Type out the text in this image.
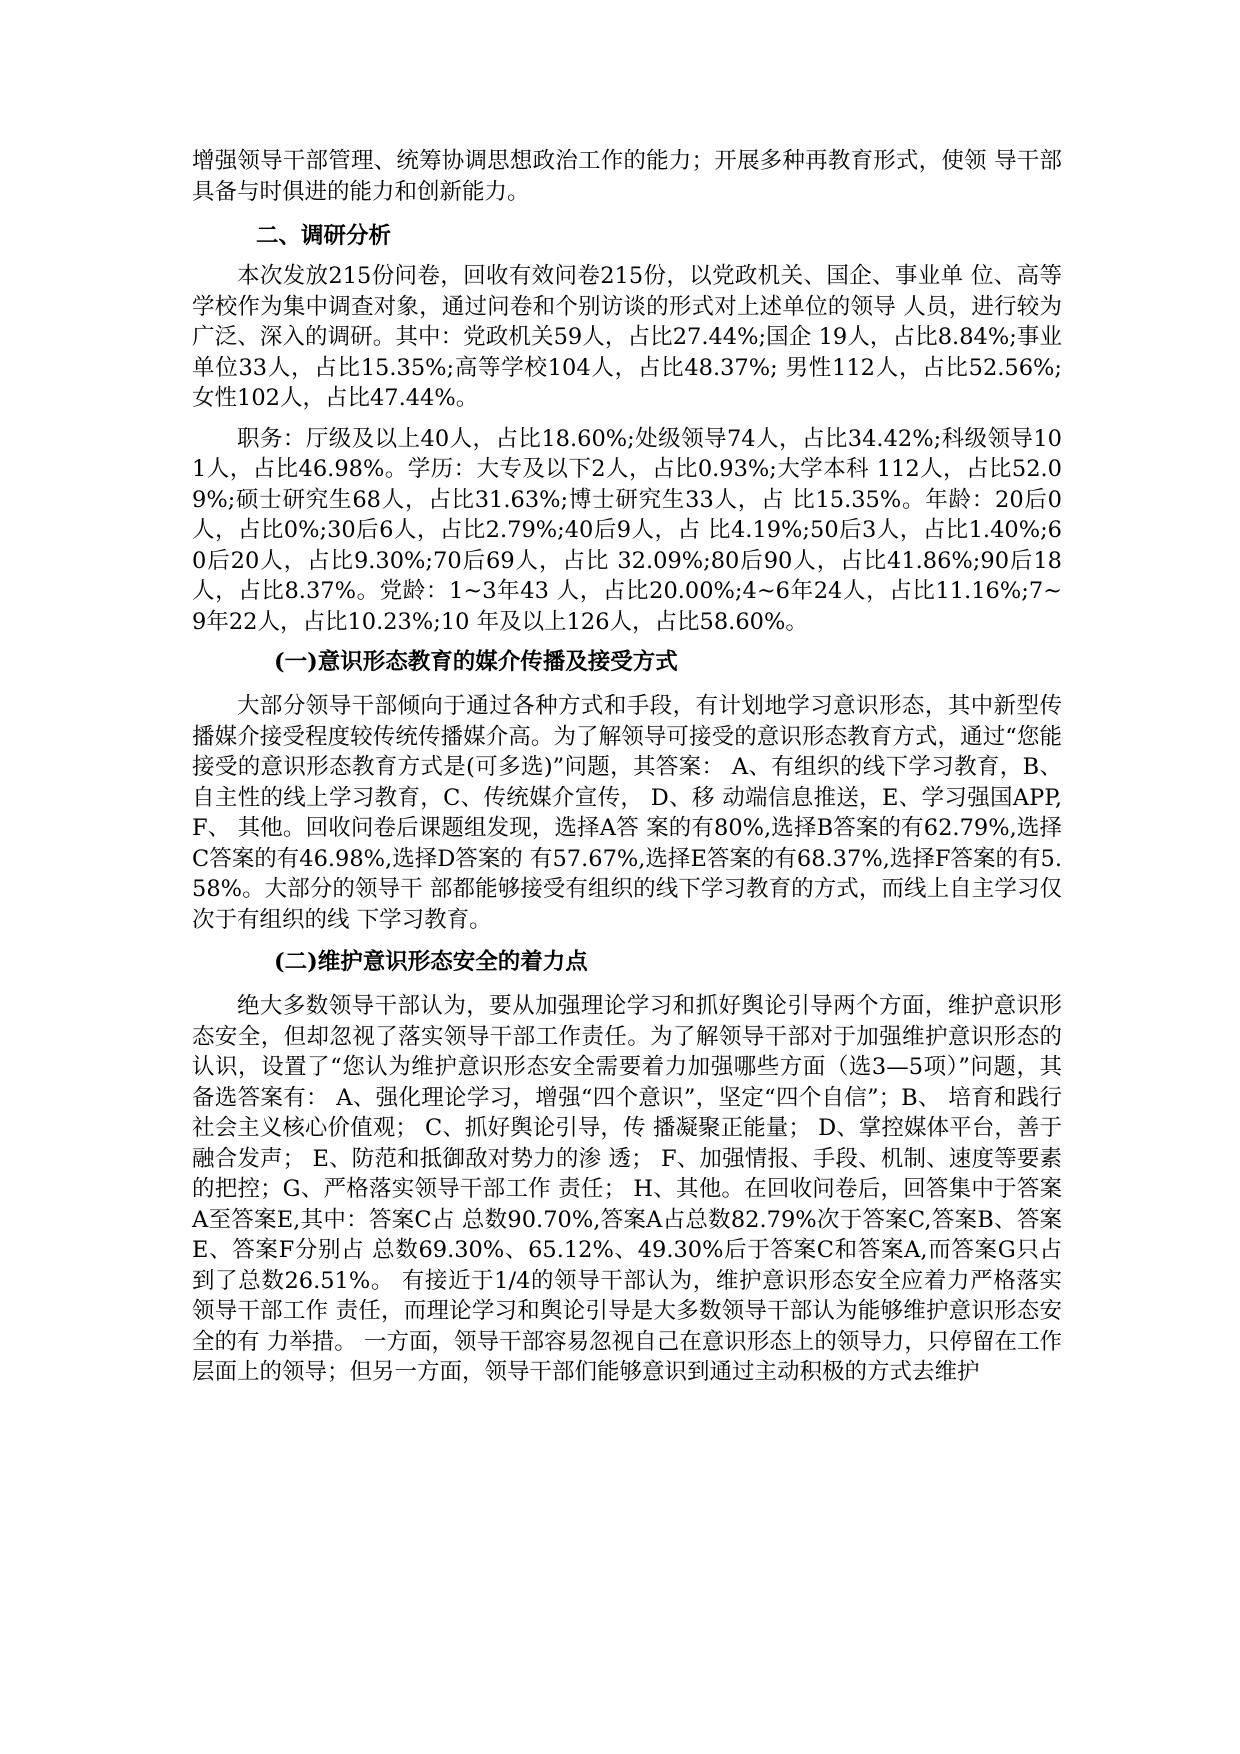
增强领导干部管理、统筹协调思想政治工作的能力；开展多种再教育形式，使领 导干部具备与时俱进的能力和创新能力。

二、调研分析

本次发放215份问卷，回收有效问卷215份，以党政机关、国企、事业单 位、高等学校作为集中调查对象，通过问卷和个别访谈的形式对上述单位的领导 人员，进行较为广泛、深入的调研。其中：党政机关59人，占比27.44%;国企 19人，占比8.84%;事业单位33人，占比15.35%;高等学校104人，占比48.37%; 男性112人，占比52.56%;女性102人，占比47.44%。

职务：厅级及以上40人，占比18.60%;处级领导74人，占比34.42%;科级领导101人，占比46.98%。学历：大专及以下2人，占比0.93%;大学本科 112人，占比52.09%;硕士研究生68人，占比31.63%;博士研究生33人，占 比15.35%。年龄：20后0人，占比0%;30后6人，占比2.79%;40后9人，占 比4.19%;50后3人，占比1.40%;60后20人，占比9.30%;70后69人，占比 32.09%;80后90人，占比41.86%;90后18人，占比8.37%。党龄：1~3年43 人，占比20.00%;4~6年24人，占比11.16%;7~9年22人，占比10.23%;10 年及以上126人，占比58.60%。

(一)意识形态教育的媒介传播及接受方式

大部分领导干部倾向于通过各种方式和手段，有计划地学习意识形态，其中新型传播媒介接受程度较传统传播媒介高。为了解领导可接受的意识形态教育方式，通过“您能接受的意识形态教育方式是(可多选)”问题，其答案： A、有组织的线下学习教育，B、自主性的线上学习教育，C、传统媒介宣传， D、移 动端信息推送，E、学习强国APP,F、 其他。回收问卷后课题组发现，选择A答 案的有80%,选择B答案的有62.79%,选择C答案的有46.98%,选择D答案的 有57.67%,选择E答案的有68.37%,选择F答案的有5.58%。大部分的领导干 部都能够接受有组织的线下学习教育的方式，而线上自主学习仅次于有组织的线 下学习教育。

(二)维护意识形态安全的着力点

绝大多数领导干部认为，要从加强理论学习和抓好舆论引导两个方面，维护意识形态安全，但却忽视了落实领导干部工作责任。为了解领导干部对于加强维护意识形态的认识，设置了“您认为维护意识形态安全需要着力加强哪些方面（选3—5项）”问题，其备选答案有： A、强化理论学习，增强“四个意识”，坚定“四个自信”；B、 培育和践行社会主义核心价值观； C、抓好舆论引导，传 播凝聚正能量； D、掌控媒体平台，善于融合发声； E、防范和抵御敌对势力的渗 透； F、加强情报、手段、机制、速度等要素的把控；G、严格落实领导干部工作 责任； H、其他。在回收问卷后，回答集中于答案A至答案E,其中：答案C占 总数90.70%,答案A占总数82.79%次于答案C,答案B、答案E、答案F分别占 总数69.30%、65.12%、49.30%后于答案C和答案A,而答案G只占到了总数26.51%。 有接近于1/4的领导干部认为，维护意识形态安全应着力严格落实领导干部工作 责任，而理论学习和舆论引导是大多数领导干部认为能够维护意识形态安全的有 力举措。 一方面，领导干部容易忽视自己在意识形态上的领导力，只停留在工作 层面上的领导；但另一方面，领导干部们能够意识到通过主动积极的方式去维护
